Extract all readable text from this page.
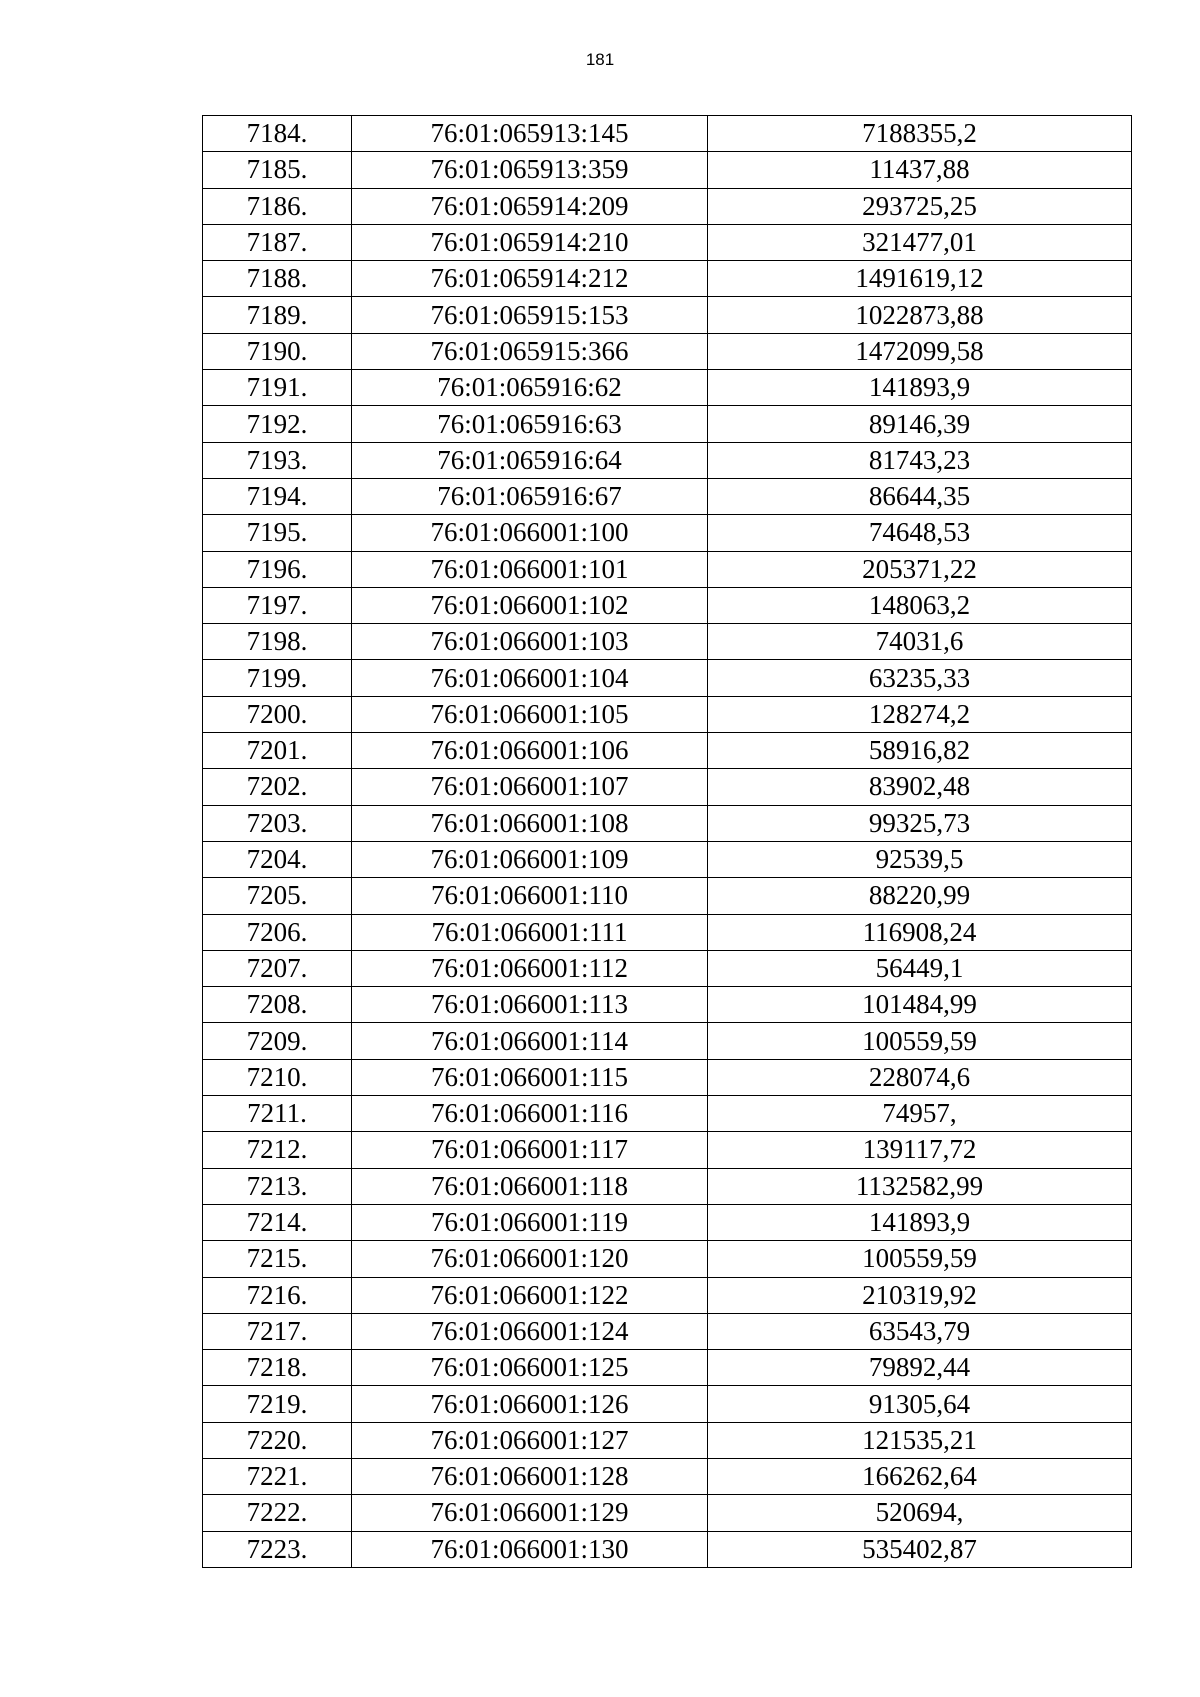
181
7184.	76:01:065913:145	7188355,2
7185.	76:01:065913:359	11437,88
7186.	76:01:065914:209	293725,25
7187.	76:01:065914:210	321477,01
7188.	76:01:065914:212	1491619,12
7189.	76:01:065915:153	1022873,88
7190.	76:01:065915:366	1472099,58
7191.	76:01:065916:62	141893,9
7192.	76:01:065916:63	89146,39
7193.	76:01:065916:64	81743,23
7194.	76:01:065916:67	86644,35
7195.	76:01:066001:100	74648,53
7196.	76:01:066001:101	205371,22
7197.	76:01:066001:102	148063,2
7198.	76:01:066001:103	74031,6
7199.	76:01:066001:104	63235,33
7200.	76:01:066001:105	128274,2
7201.	76:01:066001:106	58916,82
7202.	76:01:066001:107	83902,48
7203.	76:01:066001:108	99325,73
7204.	76:01:066001:109	92539,5
7205.	76:01:066001:110	88220,99
7206.	76:01:066001:111	116908,24
7207.	76:01:066001:112	56449,1
7208.	76:01:066001:113	101484,99
7209.	76:01:066001:114	100559,59
7210.	76:01:066001:115	228074,6
7211.	76:01:066001:116	74957,
7212.	76:01:066001:117	139117,72
7213.	76:01:066001:118	1132582,99
7214.	76:01:066001:119	141893,9
7215.	76:01:066001:120	100559,59
7216.	76:01:066001:122	210319,92
7217.	76:01:066001:124	63543,79
7218.	76:01:066001:125	79892,44
7219.	76:01:066001:126	91305,64
7220.	76:01:066001:127	121535,21
7221.	76:01:066001:128	166262,64
7222.	76:01:066001:129	520694,
7223.	76:01:066001:130	535402,87
